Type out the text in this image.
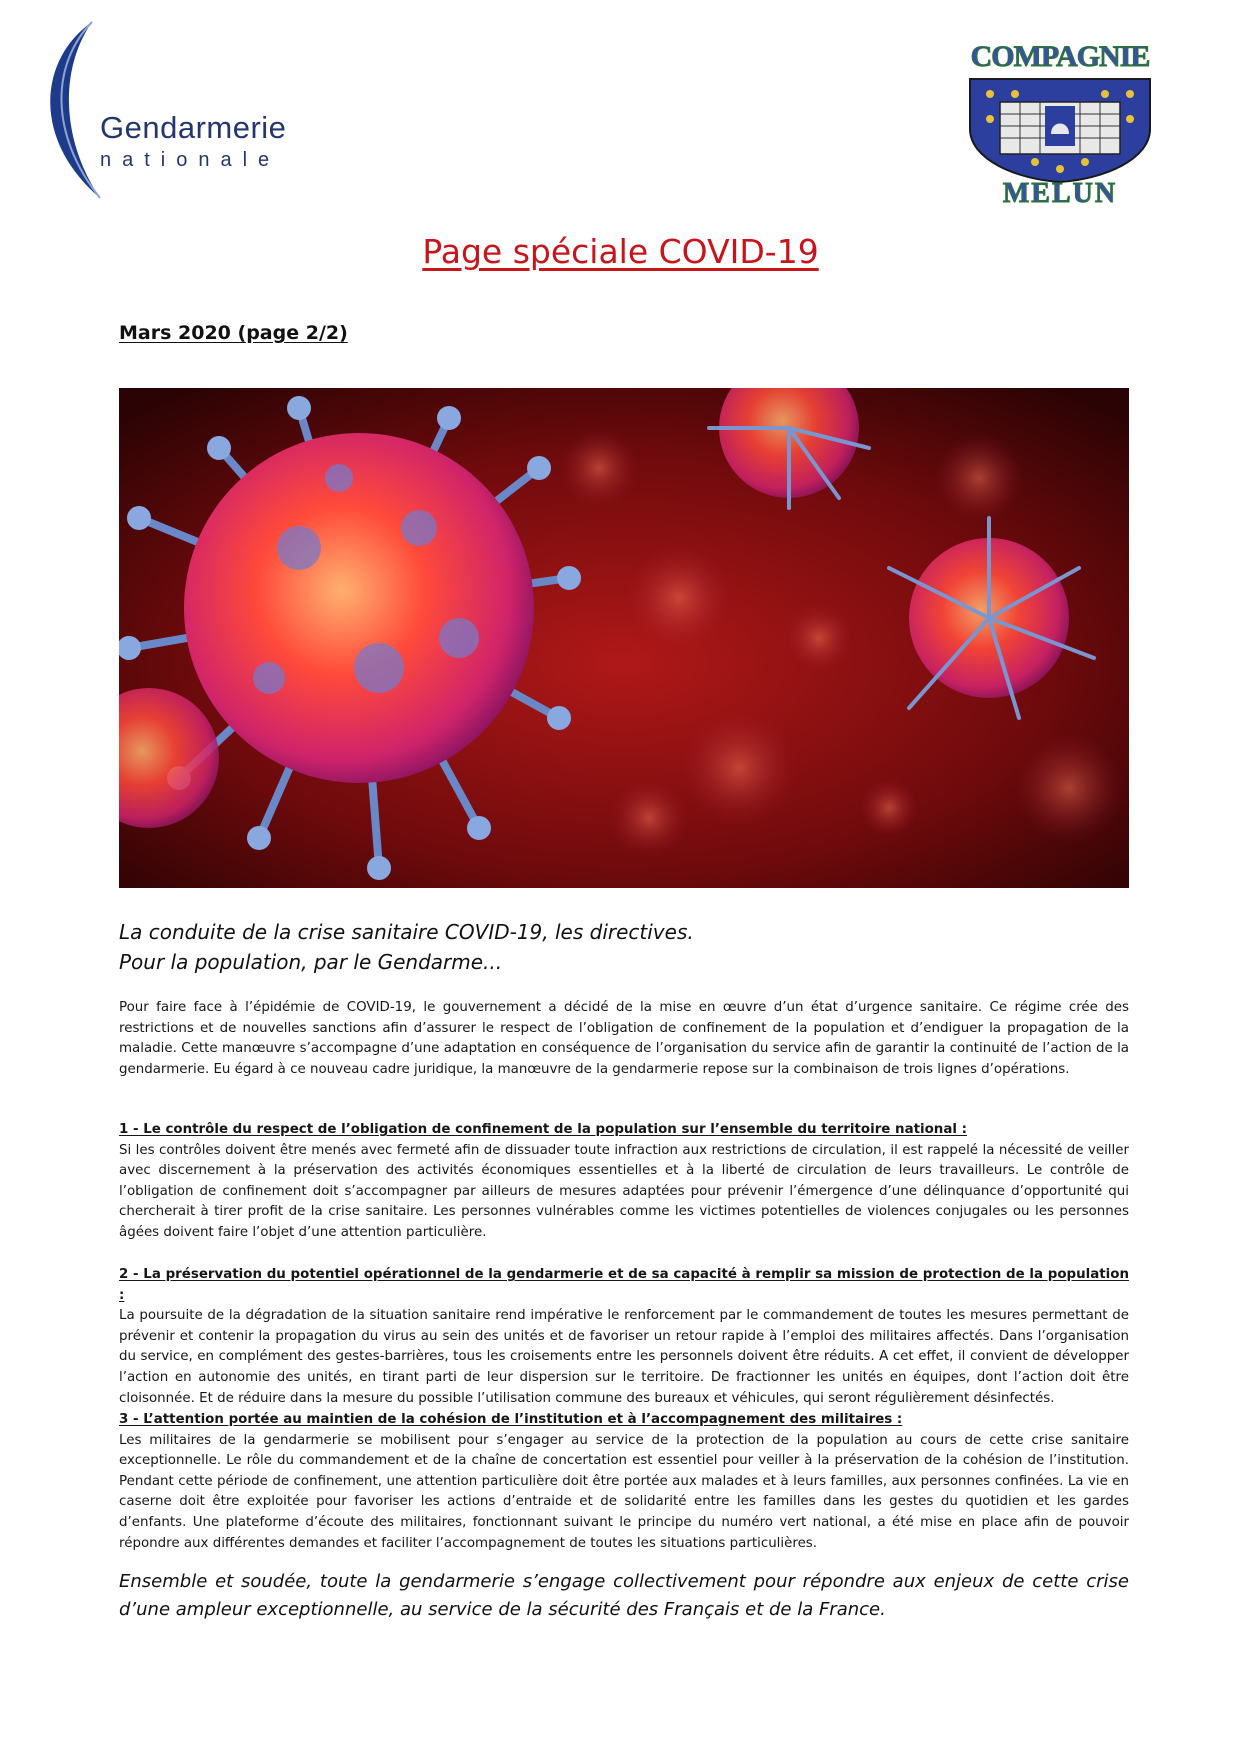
Gendarmerie
nationale
COMPAGNIE
MELUN
Page spéciale COVID-19
Mars 2020 (page 2/2)
La conduite de la crise sanitaire COVID-19, les directives.
Pour la population, par le Gendarme...
Pour faire face à l’épidémie de COVID-19, le gouvernement a décidé de la mise en œuvre d’un état d’urgence sanitaire. Ce régime crée des restrictions et de nouvelles sanctions afin d’assurer le respect de l’obligation de confinement de la population et d’endiguer la propagation de la maladie. Cette manœuvre s’accompagne d’une adaptation en conséquence de l’organisation du service afin de garantir la continuité de l’action de la gendarmerie. Eu égard à ce nouveau cadre juridique, la manœuvre de la gendarmerie repose sur la combinaison de trois lignes d’opérations.
1 - Le contrôle du respect de l’obligation de confinement de la population sur l’ensemble du territoire national :
Si les contrôles doivent être menés avec fermeté afin de dissuader toute infraction aux restrictions de circulation, il est rappelé la nécessité de veiller avec discernement à la préservation des activités économiques essentielles et à la liberté de circulation de leurs travailleurs. Le contrôle de l’obligation de confinement doit s’accompagner par ailleurs de mesures adaptées pour prévenir l’émergence d’une délinquance d’opportunité qui chercherait à tirer profit de la crise sanitaire. Les personnes vulnérables comme les victimes potentielles de violences conjugales ou les personnes âgées doivent faire l’objet d’une attention particulière.
2 - La préservation du potentiel opérationnel de la gendarmerie et de sa capacité à remplir sa mission de protection de la population :
La poursuite de la dégradation de la situation sanitaire rend impérative le renforcement par le commandement de toutes les mesures permettant de prévenir et contenir la propagation du virus au sein des unités et de favoriser un retour rapide à l’emploi des militaires affectés. Dans l’organisation du service, en complément des gestes-barrières, tous les croisements entre les personnels doivent être réduits. A cet effet, il convient de développer l’action en autonomie des unités, en tirant parti de leur dispersion sur le territoire. De fractionner les unités en équipes, dont l’action doit être cloisonnée. Et de réduire dans la mesure du possible l’utilisation commune des bureaux et véhicules, qui seront régulièrement désinfectés.
3 - L’attention portée au maintien de la cohésion de l’institution et à l’accompagnement des militaires :
Les militaires de la gendarmerie se mobilisent pour s’engager au service de la protection de la population au cours de cette crise sanitaire exceptionnelle. Le rôle du commandement et de la chaîne de concertation est essentiel pour veiller à la préservation de la cohésion de l’institution. Pendant cette période de confinement, une attention particulière doit être portée aux malades et à leurs familles, aux personnes confinées. La vie en caserne doit être exploitée pour favoriser les actions d’entraide et de solidarité entre les familles dans les gestes du quotidien et les gardes d’enfants. Une plateforme d’écoute des militaires, fonctionnant suivant le principe du numéro vert national, a été mise en place afin de pouvoir répondre aux différentes demandes et faciliter l’accompagnement de toutes les situations particulières.
Ensemble et soudée, toute la gendarmerie s’engage collectivement pour répondre aux enjeux de cette crise d’une ampleur exceptionnelle, au service de la sécurité des Français et de la France.
